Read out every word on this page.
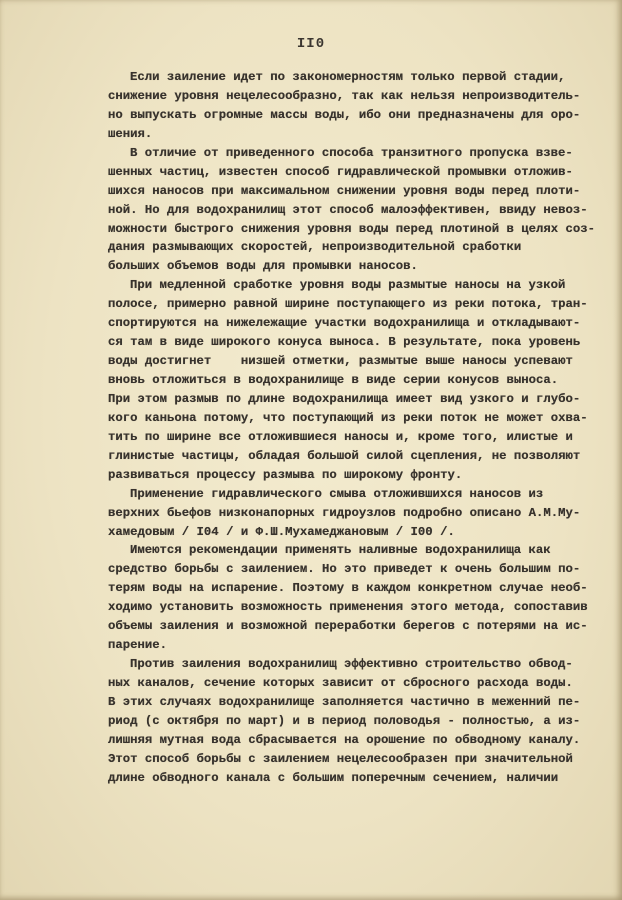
II0
Если заиление идет по закономерностям только первой стадии,
снижение уровня нецелесообразно, так как нельзя непроизводитель-
но выпускать огромные массы воды, ибо они предназначены для оро-
шения.
В отличие от приведенного способа транзитного пропуска взве-
шенных частиц, известен способ гидравлической промывки отложив-
шихся наносов при максимальном снижении уровня воды перед плоти-
ной. Но для водохранилищ этот способ малоэффективен, ввиду невоз-
можности быстрого снижения уровня воды перед плотиной в целях соз-
дания размывающих скоростей, непроизводительной сработки
больших объемов воды для промывки наносов.
При медленной сработке уровня воды размытые наносы на узкой
полосе, примерно равной ширине поступающего из реки потока, тран-
спортируются на нижележащие участки водохранилища и откладывают-
ся там в виде широкого конуса выноса. В результате, пока уровень
воды достигнет    низшей отметки, размытые выше наносы успевают
вновь отложиться в водохранилище в виде серии конусов выноса.
При этом размыв по длине водохранилища имеет вид узкого и глубо-
кого каньона потому, что поступающий из реки поток не может охва-
тить по ширине все отложившиеся наносы и, кроме того, илистые и
глинистые частицы, обладая большой силой сцепления, не позволяют
развиваться процессу размыва по широкому фронту.
Применение гидравлического смыва отложившихся наносов из
верхних бьефов низконапорных гидроузлов подробно описано А.М.Му-
хамедовым / I04 / и Ф.Ш.Мухамеджановым / I00 /.
Имеются рекомендации применять наливные водохранилища как
средство борьбы с заилением. Но это приведет к очень большим по-
терям воды на испарение. Поэтому в каждом конкретном случае необ-
ходимо установить возможность применения этого метода, сопоставив
объемы заиления и возможной переработки берегов с потерями на ис-
парение.
Против заиления водохранилищ эффективно строительство обвод-
ных каналов, сечение которых зависит от сбросного расхода воды.
В этих случаях водохранилище заполняется частично в меженний пе-
риод (с октября по март) и в период половодья - полностью, а из-
лишняя мутная вода сбрасывается на орошение по обводному каналу.
Этот способ борьбы с заилением нецелесообразен при значительной
длине обводного канала с большим поперечным сечением, наличии
